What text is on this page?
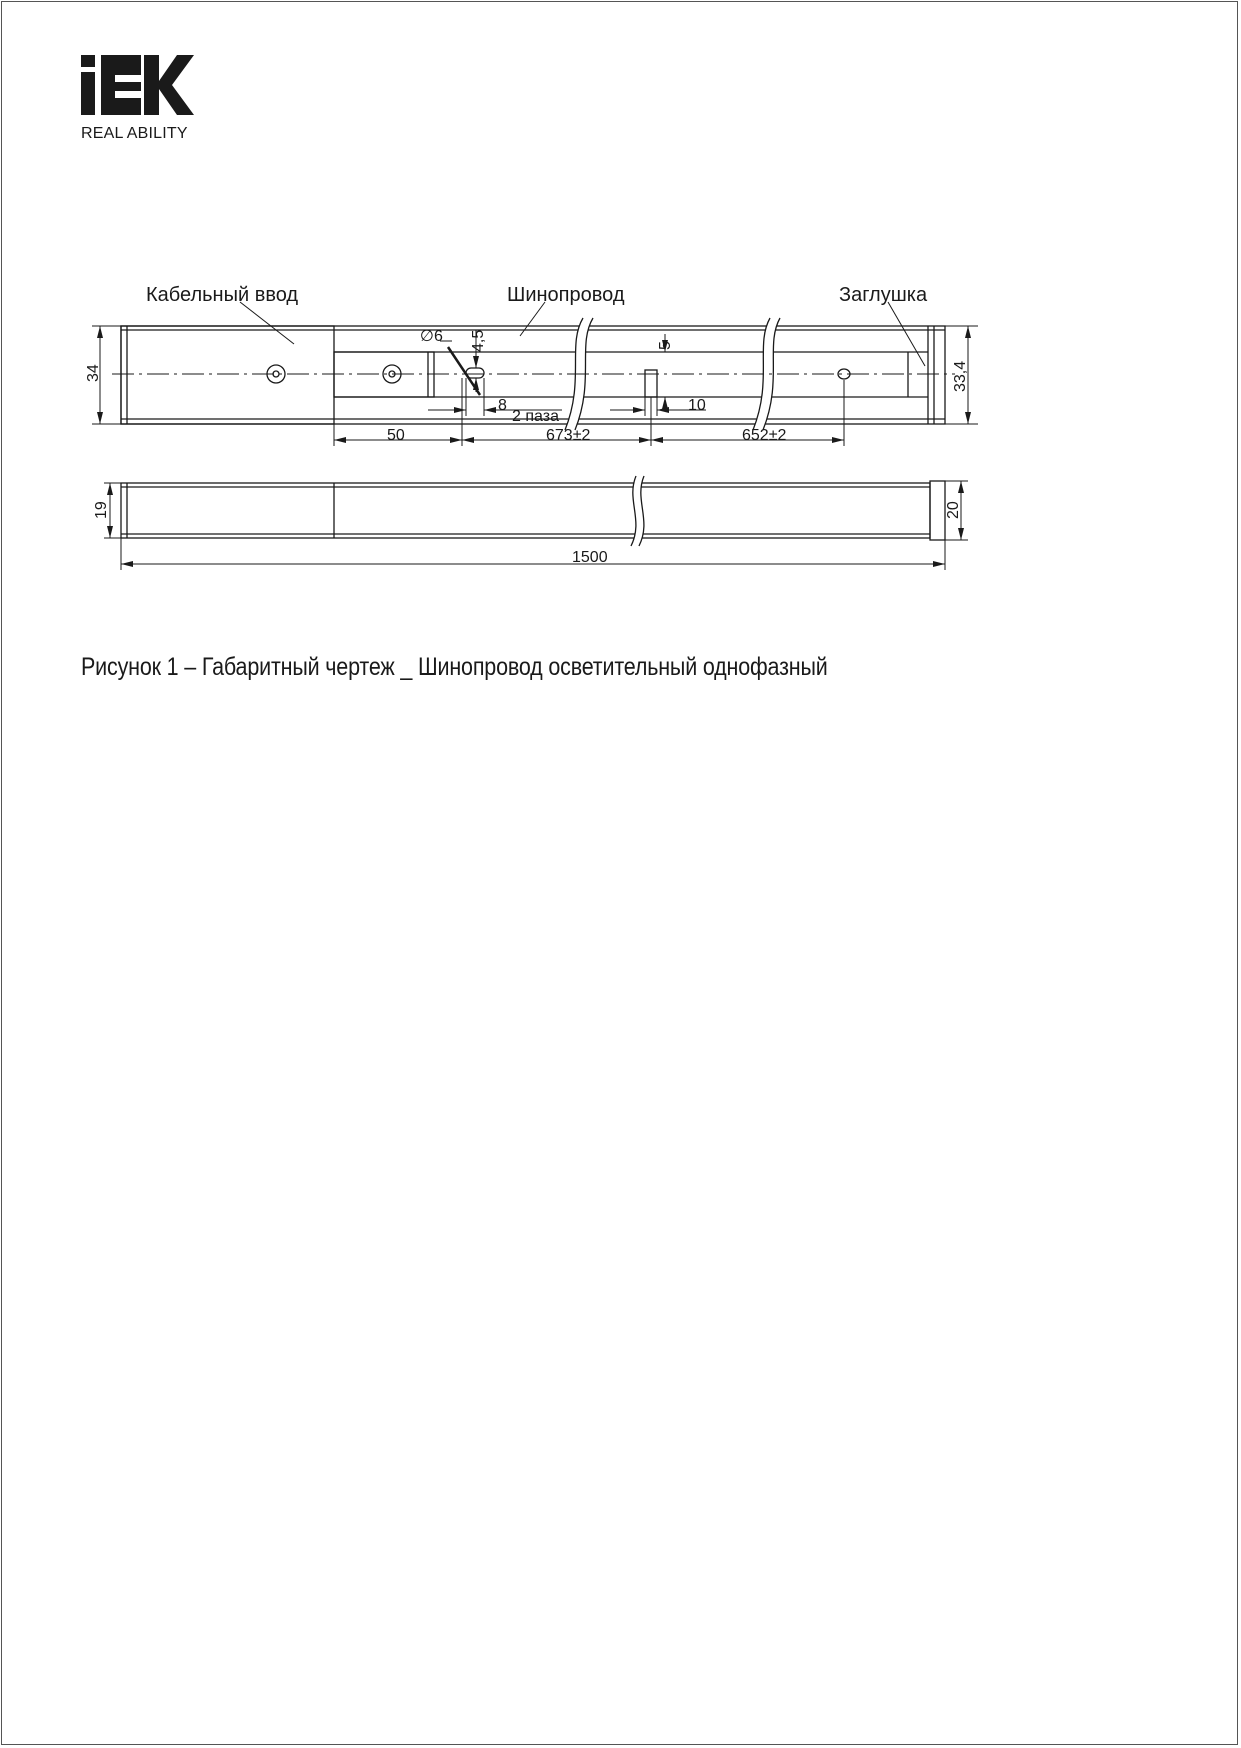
REAL ABILITY
Кабельный ввод	Шинопровод	Заглушка
34
∅6 4,5	5
8
2 паза
10
50	673±2	652±2
33,4
19	20
1500
Рисунок 1 – Габаритный чертеж _ Шинопровод осветительный однофазный
